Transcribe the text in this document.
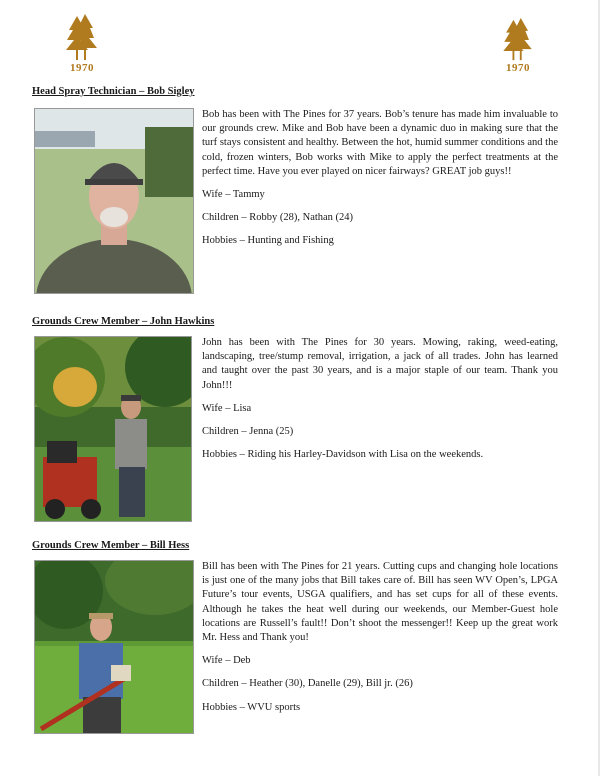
1970	1970
Head Spray Technician – Bob Sigley

Bob has been with The Pines for 37 years. Bob’s tenure has made him invaluable to our grounds crew. Mike and Bob have been a dynamic duo in making sure that the turf stays consistent and healthy. Between the hot, humid summer conditions and the cold, frozen winters, Bob works with Mike to apply the perfect treatments at the perfect time. Have you ever played on nicer fairways? GREAT job guys!!

Wife – Tammy

Children – Robby (28), Nathan (24)

Hobbies – Hunting and Fishing

Grounds Crew Member – John Hawkins

John has been with The Pines for 30 years. Mowing, raking, weed-eating, landscaping, tree/stump removal, irrigation, a jack of all trades. John has learned and taught over the past 30 years, and is a major staple of our team. Thank you John!!!

Wife – Lisa

Children – Jenna (25)

Hobbies – Riding his Harley-Davidson with Lisa on the weekends.

Grounds Crew Member – Bill Hess

Bill has been with The Pines for 21 years. Cutting cups and changing hole locations is just one of the many jobs that Bill takes care of. Bill has seen WV Open’s, LPGA Future’s tour events, USGA qualifiers, and has set cups for all of these events. Although he takes the heat well during our weekends, our Member-Guest hole locations are Russell’s fault!! Don’t shoot the messenger!! Keep up the great work Mr. Hess and Thank you!

Wife – Deb

Children – Heather (30), Danelle (29), Bill jr. (26)

Hobbies – WVU sports
